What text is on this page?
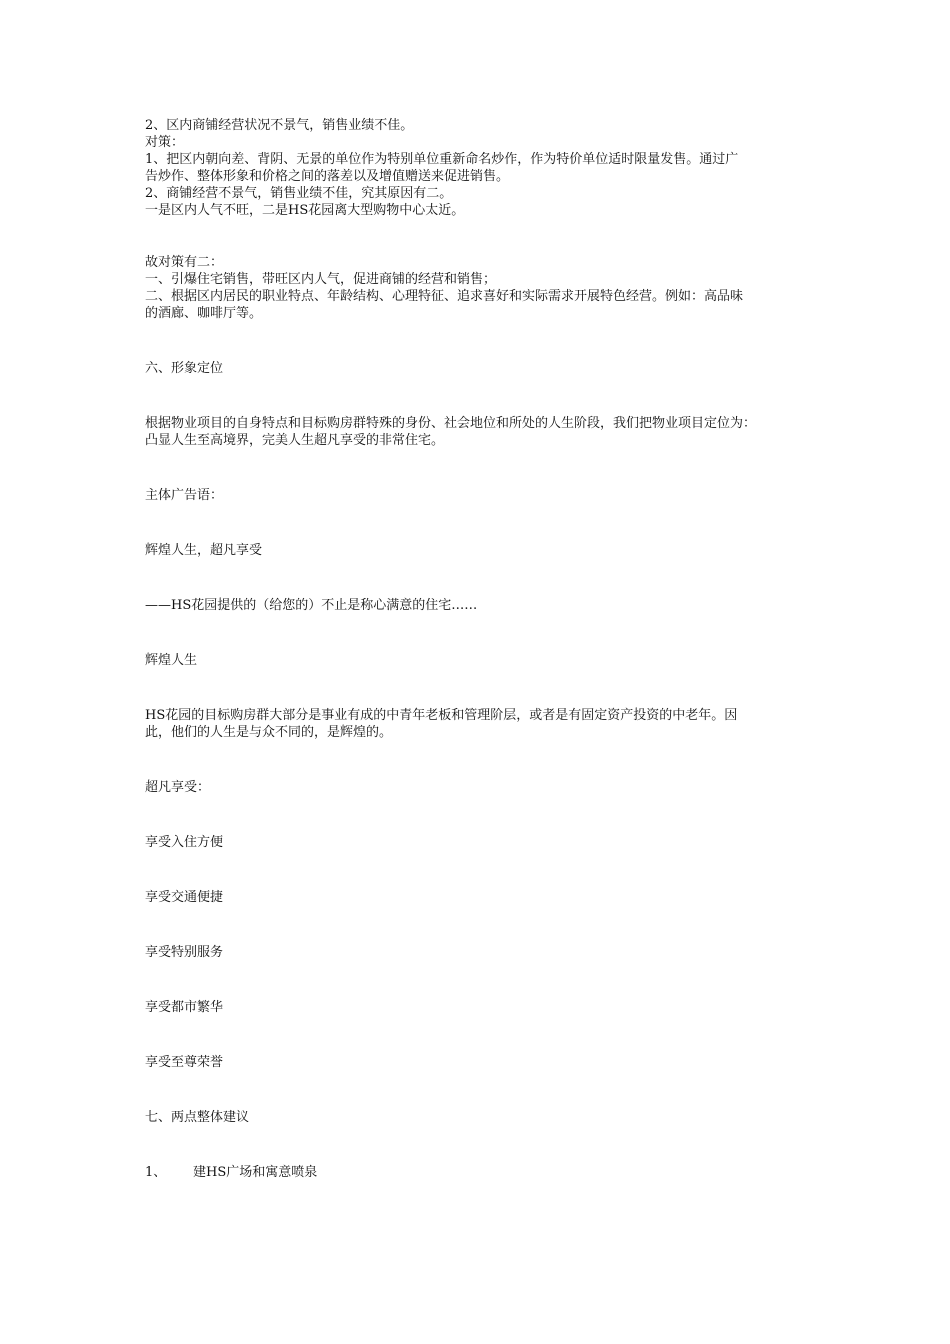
2、区内商铺经营状况不景气，销售业绩不佳。
对策：
1、把区内朝向差、背阴、无景的单位作为特别单位重新命名炒作，作为特价单位适时限量发售。通过广
告炒作、整体形象和价格之间的落差以及增值赠送来促进销售。
2、商铺经营不景气，销售业绩不佳，究其原因有二。
一是区内人气不旺，二是HS花园离大型购物中心太近。
故对策有二：
一、引爆住宅销售，带旺区内人气，促进商铺的经营和销售；
二、根据区内居民的职业特点、年龄结构、心理特征、追求喜好和实际需求开展特色经营。例如：高品味
的酒廊、咖啡厅等。
六、形象定位
根据物业项目的自身特点和目标购房群特殊的身份、社会地位和所处的人生阶段，我们把物业项目定位为：
凸显人生至高境界，完美人生超凡享受的非常住宅。
主体广告语：
辉煌人生，超凡享受
——HS花园提供的（给您的）不止是称心满意的住宅……
辉煌人生
HS花园的目标购房群大部分是事业有成的中青年老板和管理阶层，或者是有固定资产投资的中老年。因
此，他们的人生是与众不同的，是辉煌的。
超凡享受：
享受入住方便
享受交通便捷
享受特别服务
享受都市繁华
享受至尊荣誉
七、两点整体建议
1、 建HS广场和寓意喷泉
